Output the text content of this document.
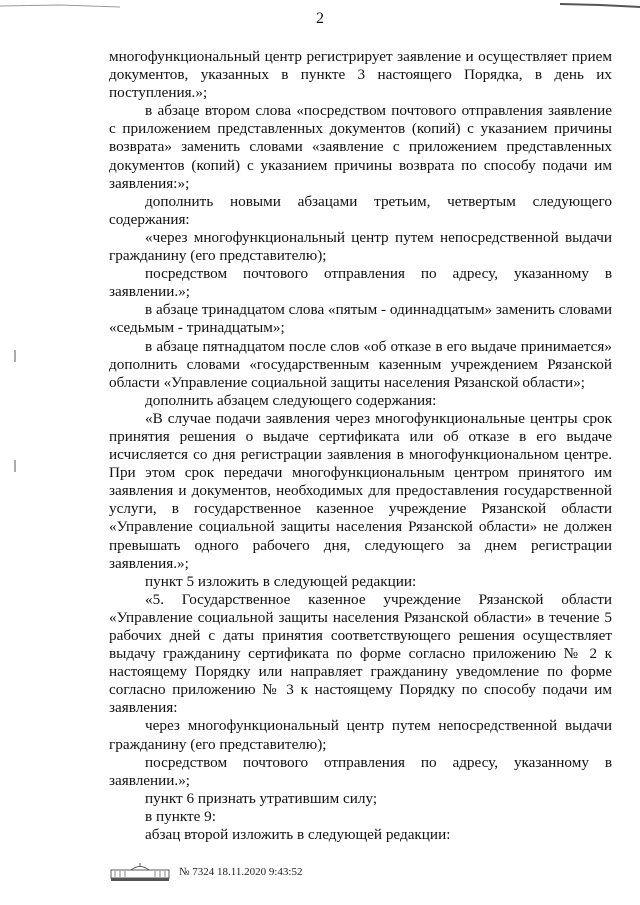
2

многофункциональный центр регистрирует заявление и осуществляет прием документов, указанных в пункте 3 настоящего Порядка, в день их поступления.»;

в абзаце втором слова «посредством почтового отправления заявление с приложением представленных документов (копий) с указанием причины возврата» заменить словами «заявление с приложением представленных документов (копий) с указанием причины возврата по способу подачи им заявления:»;

дополнить новыми абзацами третьим, четвертым следующего содержания:

«через многофункциональный центр путем непосредственной выдачи гражданину (его представителю);

посредством почтового отправления по адресу, указанному в заявлении.»;

в абзаце тринадцатом слова «пятым - одиннадцатым» заменить словами «седьмым - тринадцатым»;

в абзаце пятнадцатом после слов «об отказе в его выдаче принимается» дополнить словами «государственным казенным учреждением Рязанской области «Управление социальной защиты населения Рязанской области»;

дополнить абзацем следующего содержания:

«В случае подачи заявления через многофункциональные центры срок принятия решения о выдаче сертификата или об отказе в его выдаче исчисляется со дня регистрации заявления в многофункциональном центре. При этом срок передачи многофункциональным центром принятого им заявления и документов, необходимых для предоставления государственной услуги, в государственное казенное учреждение Рязанской области «Управление социальной защиты населения Рязанской области» не должен превышать одного рабочего дня, следующего за днем регистрации заявления.»;

пункт 5 изложить в следующей редакции:

«5. Государственное казенное учреждение Рязанской области «Управление социальной защиты населения Рязанской области» в течение 5 рабочих дней с даты принятия соответствующего решения осуществляет выдачу гражданину сертификата по форме согласно приложению № 2 к настоящему Порядку или направляет гражданину уведомление по форме согласно приложению № 3 к настоящему Порядку по способу подачи им заявления:

через многофункциональный центр путем непосредственной выдачи гражданину (его представителю);

посредством почтового отправления по адресу, указанному в заявлении.»;

пункт 6 признать утратившим силу;

в пункте 9:

абзац второй изложить в следующей редакции:

№ 7324 18.11.2020 9:43:52
